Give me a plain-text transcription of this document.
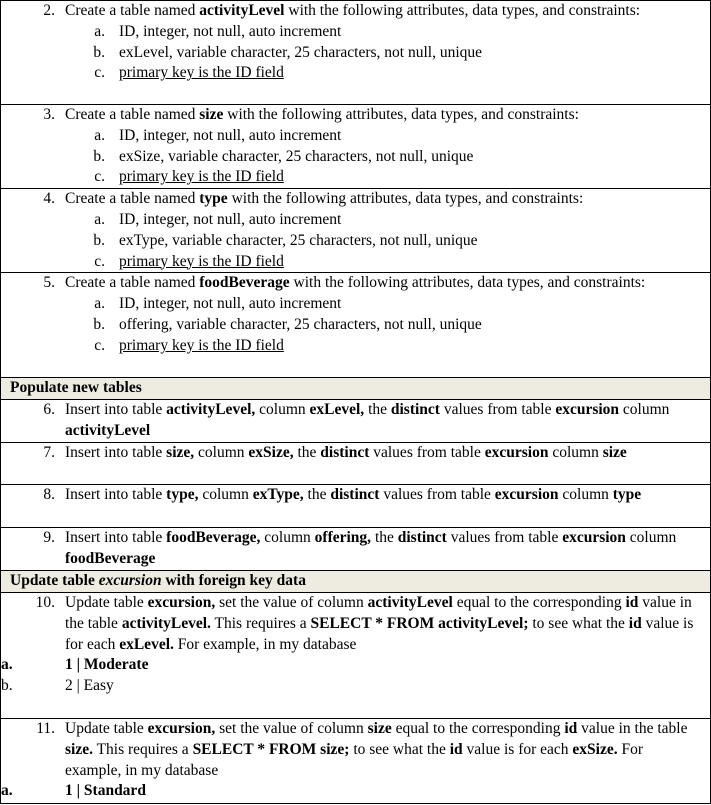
2. Create a table named activityLevel with the following attributes, data types, and constraints:
a. ID, integer, not null, auto increment
b. exLevel, variable character, 25 characters, not null, unique
c. primary key is the ID field

3. Create a table named size with the following attributes, data types, and constraints:
a. ID, integer, not null, auto increment
b. exSize, variable character, 25 characters, not null, unique
c. primary key is the ID field

4. Create a table named type with the following attributes, data types, and constraints:
a. ID, integer, not null, auto increment
b. exType, variable character, 25 characters, not null, unique
c. primary key is the ID field

5. Create a table named foodBeverage with the following attributes, data types, and constraints:
a. ID, integer, not null, auto increment
b. offering, variable character, 25 characters, not null, unique
c. primary key is the ID field

Populate new tables

6. Insert into table activityLevel, column exLevel, the distinct values from table excursion column activityLevel

7. Insert into table size, column exSize, the distinct values from table excursion column size

8. Insert into table type, column exType, the distinct values from table excursion column type

9. Insert into table foodBeverage, column offering, the distinct values from table excursion column foodBeverage

Update table excursion with foreign key data

10. Update table excursion, set the value of column activityLevel equal to the corresponding id value in the table activityLevel. This requires a SELECT * FROM activityLevel; to see what the id value is for each exLevel. For example, in my database
a.	1 | Moderate
b.	2 | Easy

11. Update table excursion, set the value of column size equal to the corresponding id value in the table size. This requires a SELECT * FROM size; to see what the id value is for each exSize. For example, in my database
a.	1 | Standard
